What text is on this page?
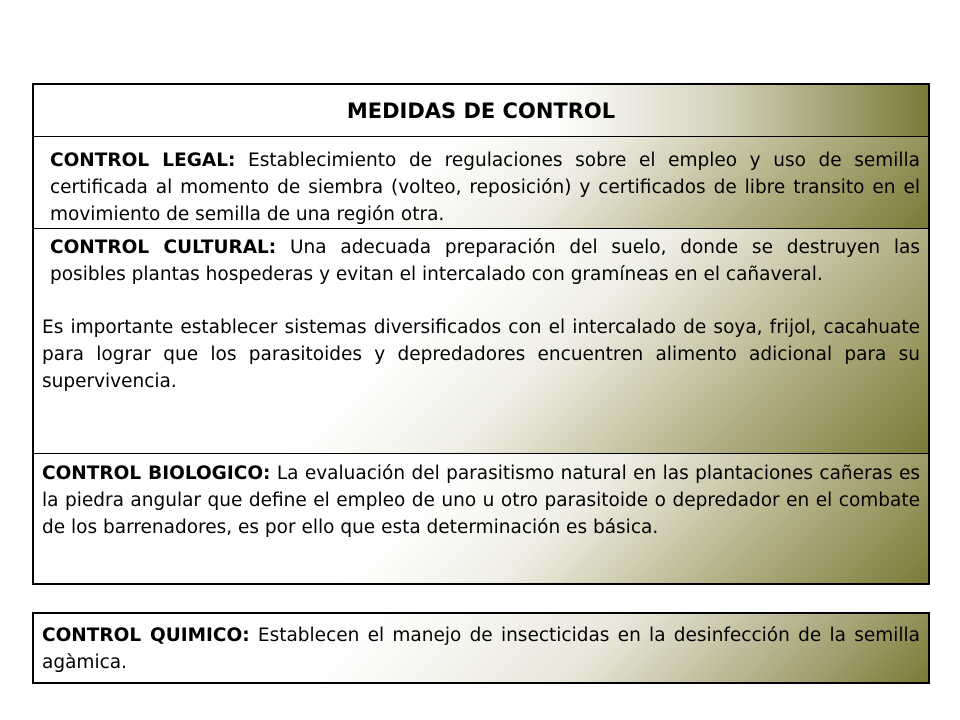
MEDIDAS DE CONTROL

CONTROL LEGAL: Establecimiento de regulaciones sobre el empleo y uso de semilla certificada al momento de siembra (volteo, reposición) y certificados de libre transito en el movimiento de semilla de una región otra.

CONTROL CULTURAL: Una adecuada preparación del suelo, donde se destruyen las posibles plantas hospederas y evitan el intercalado con gramíneas en el cañaveral.

Es importante establecer sistemas diversificados con el intercalado de soya, frijol, cacahuate para lograr que los parasitoides y depredadores encuentren alimento adicional para su supervivencia.

CONTROL BIOLOGICO: La evaluación del parasitismo natural en las plantaciones cañeras es la piedra angular que define el empleo de uno u otro parasitoide o depredador en el combate de los barrenadores, es por ello que esta determinación es básica.

CONTROL QUIMICO: Establecen el manejo de insecticidas en la desinfección de la semilla agàmica.
